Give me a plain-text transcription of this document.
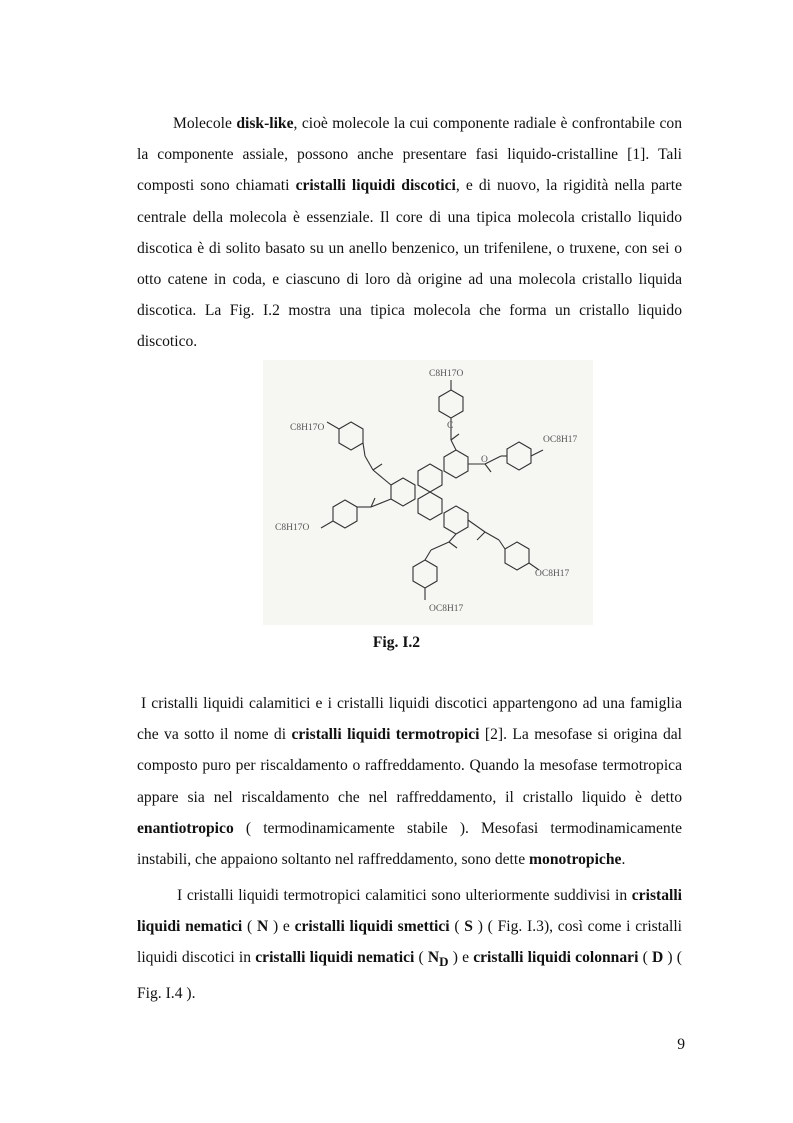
Molecole disk-like, cioè molecole la cui componente radiale è confrontabile con la componente assiale, possono anche presentare fasi liquido-cristalline [1]. Tali composti sono chiamati cristalli liquidi discotici, e di nuovo, la rigidità nella parte centrale della molecola è essenziale. Il core di una tipica molecola cristallo liquido discotica è di solito basato su un anello benzenico, un trifenilene, o truxene, con sei o otto catene in coda, e ciascuno di loro dà origine ad una molecola cristallo liquida discotica. La Fig. I.2 mostra una tipica molecola che forma un cristallo liquido discotico.

C8H17O
C8H17O
OC8H17
C8H17O
OC8H17
OC8H17
C
O
Fig. I.2

I cristalli liquidi calamitici e i cristalli liquidi discotici appartengono ad una famiglia che va sotto il nome di cristalli liquidi termotropici [2]. La mesofase si origina dal composto puro per riscaldamento o raffreddamento. Quando la mesofase termotropica appare sia nel riscaldamento che nel raffreddamento, il cristallo liquido è detto enantiotropico ( termodinamicamente stabile ). Mesofasi termodinamicamente instabili, che appaiono soltanto nel raffreddamento, sono dette monotropiche.

I cristalli liquidi termotropici calamitici sono ulteriormente suddivisi in cristalli liquidi nematici ( N ) e cristalli liquidi smettici ( S ) ( Fig. I.3), così come i cristalli liquidi discotici in cristalli liquidi nematici ( $N_D$ ) e cristalli liquidi colonnari ( D ) ( Fig. I.4 ).

9
